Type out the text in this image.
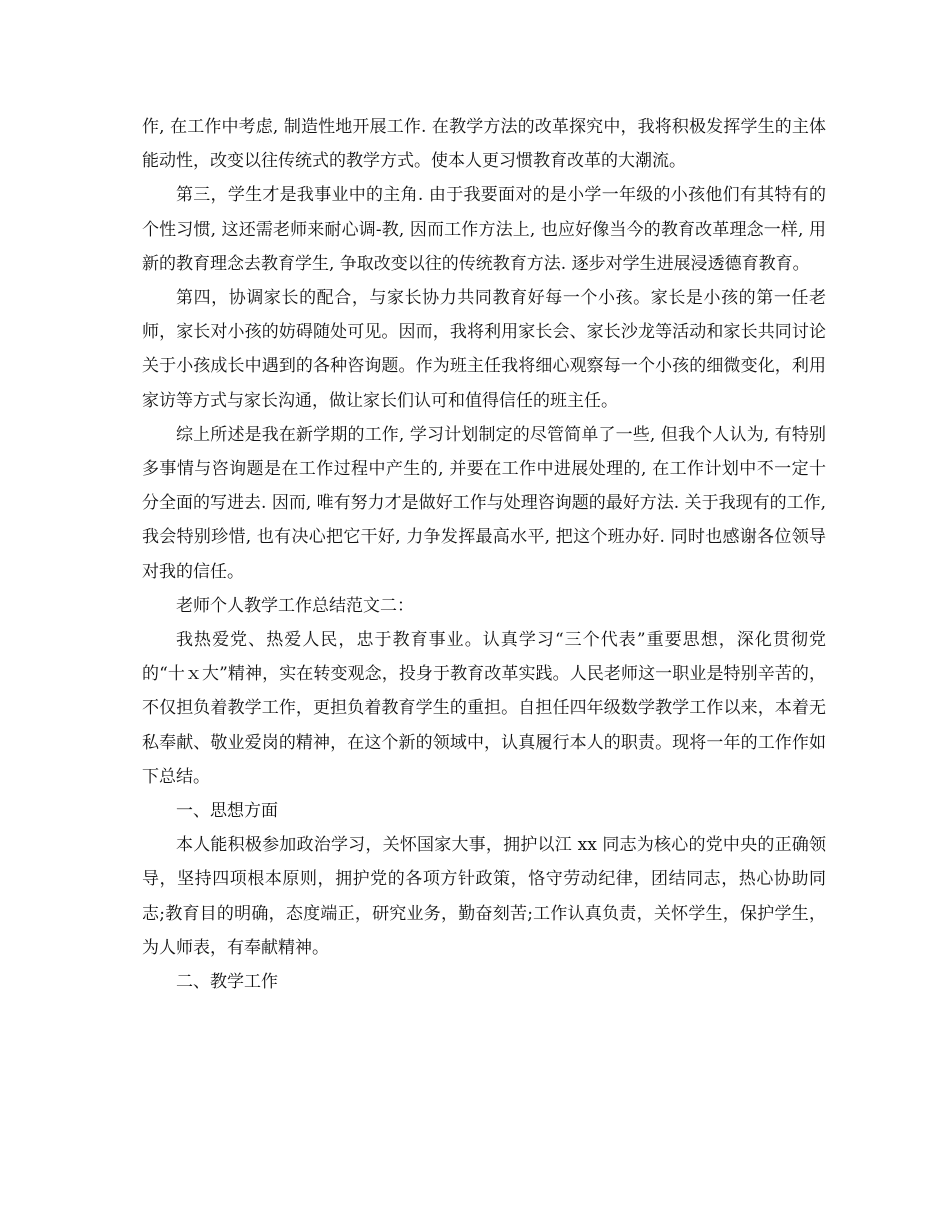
作, 在工作中考虑, 制造性地开展工作. 在教学方法的改革探究中，我将积极发挥学生的主体能动性，改变以往传统式的教学方式。使本人更习惯教育改革的大潮流。

第三，学生才是我事业中的主角. 由于我要面对的是小学一年级的小孩他们有其特有的个性习惯, 这还需老师来耐心调-教, 因而工作方法上, 也应好像当今的教育改革理念一样, 用新的教育理念去教育学生, 争取改变以往的传统教育方法. 逐步对学生进展浸透德育教育。

第四，协调家长的配合，与家长协力共同教育好每一个小孩。家长是小孩的第一任老师，家长对小孩的妨碍随处可见。因而，我将利用家长会、家长沙龙等活动和家长共同讨论关于小孩成长中遇到的各种咨询题。作为班主任我将细心观察每一个小孩的细微变化，利用家访等方式与家长沟通，做让家长们认可和值得信任的班主任。

综上所述是我在新学期的工作, 学习计划制定的尽管简单了一些, 但我个人认为, 有特别多事情与咨询题是在工作过程中产生的, 并要在工作中进展处理的, 在工作计划中不一定十分全面的写进去. 因而, 唯有努力才是做好工作与处理咨询题的最好方法. 关于我现有的工作, 我会特别珍惜, 也有决心把它干好, 力争发挥最高水平, 把这个班办好. 同时也感谢各位领导对我的信任。

老师个人教学工作总结范文二：

我热爱党、热爱人民，忠于教育事业。认真学习“三个代表”重要思想，深化贯彻党的“十ｘ大”精神，实在转变观念，投身于教育改革实践。人民老师这一职业是特别辛苦的，不仅担负着教学工作，更担负着教育学生的重担。自担任四年级数学教学工作以来，本着无私奉献、敬业爱岗的精神，在这个新的领域中，认真履行本人的职责。现将一年的工作作如下总结。

一、思想方面

本人能积极参加政治学习，关怀国家大事，拥护以江 xx 同志为核心的党中央的正确领导，坚持四项根本原则，拥护党的各项方针政策，恪守劳动纪律，团结同志，热心协助同志;教育目的明确，态度端正，研究业务，勤奋刻苦;工作认真负责，关怀学生，保护学生，为人师表，有奉献精神。

二、教学工作
